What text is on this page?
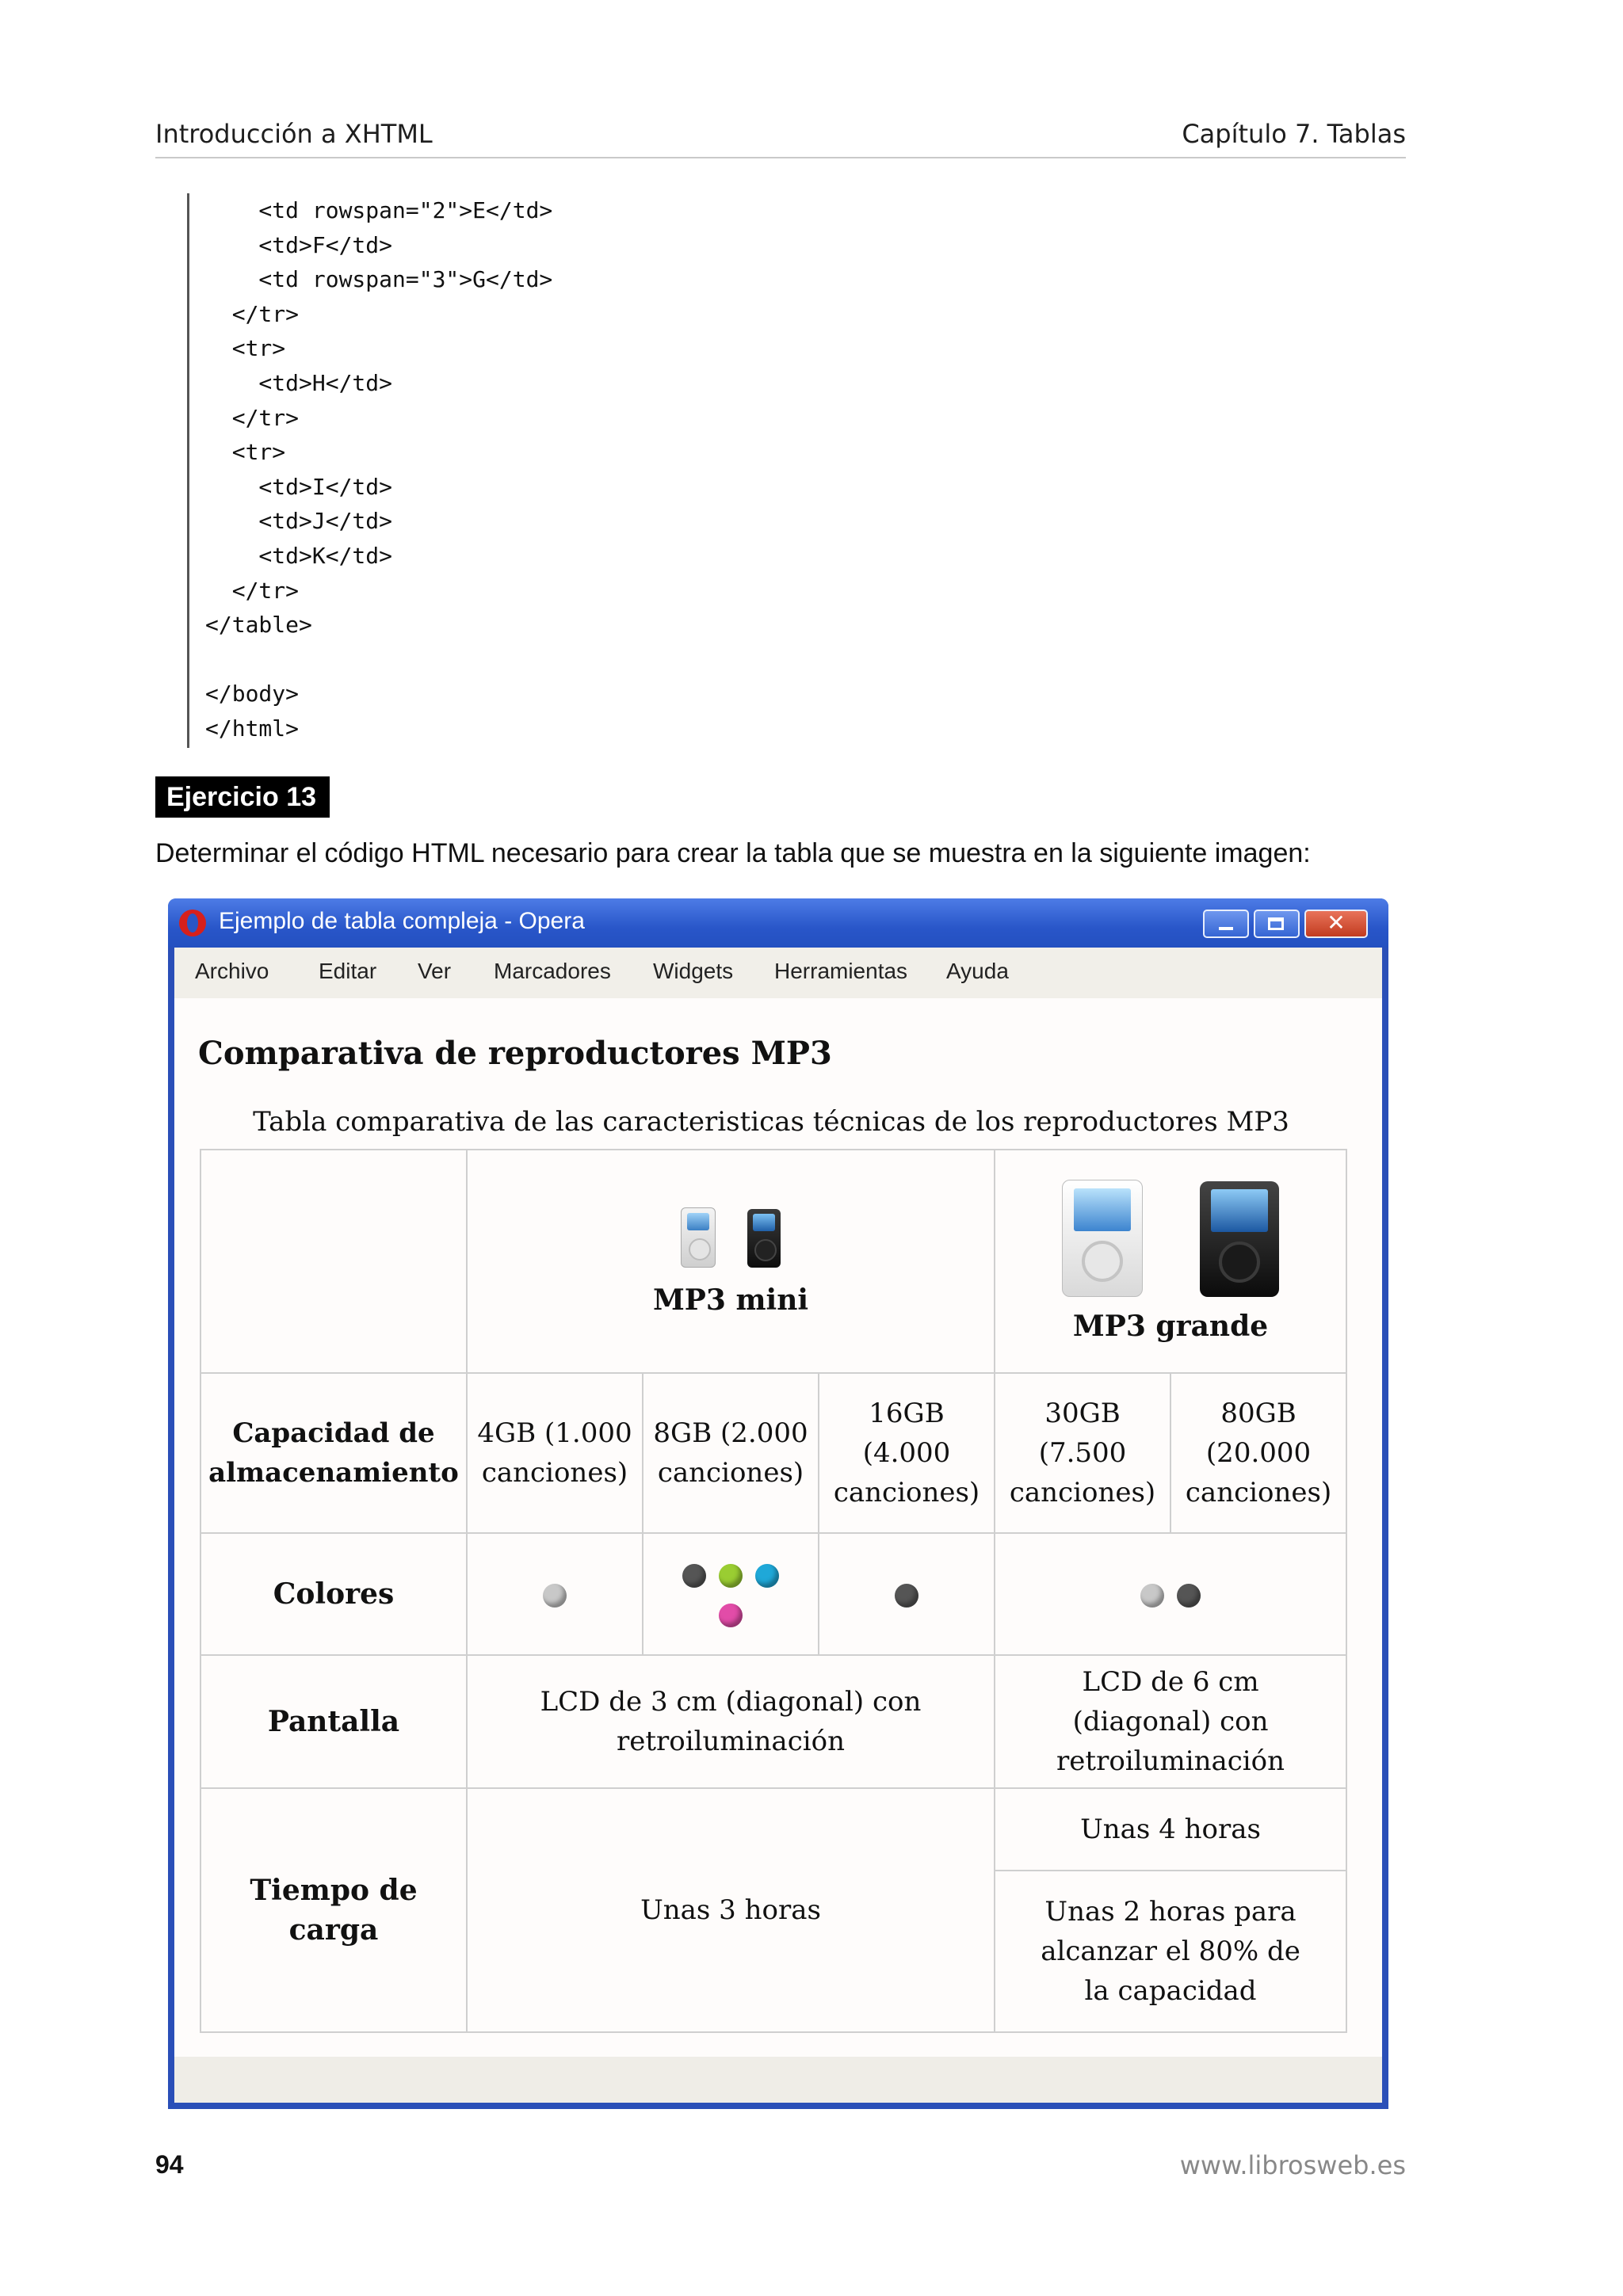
Introducción a XHTML	Capítulo 7. Tablas
<td rowspan="2">E</td>
<td>F</td>
<td rowspan="3">G</td>
</tr>
<tr>
<td>H</td>
</tr>
<tr>
<td>I</td>
<td>J</td>
<td>K</td>
</tr>
</table>

</body>
</html>
Ejercicio 13
Determinar el código HTML necesario para crear la tabla que se muestra en la siguiente imagen:
Ejemplo de tabla compleja - Opera	✕
Archivo Editar Ver Marcadores Widgets Herramientas Ayuda
Comparativa de reproductores MP3
Tabla comparativa de las caracteristicas técnicas de los reproductores MP3

	MP3 mini			MP3 grande	

Capacidad de almacenamiento	4GB (1.000 canciones)	8GB (2.000 canciones)	16GB (4.000 canciones)	30GB (7.500 canciones)	80GB (20.000 canciones)
Colores			

Pantalla	LCD de 3 cm (diagonal) con retroiluminación			LCD de 6 cm (diagonal) con retroiluminación	
Tiempo de carga	Unas 3 horas			Unas 4 horas	
				Unas 2 horas para alcanzar el 80% de la capacidad	
94	www.librosweb.es
